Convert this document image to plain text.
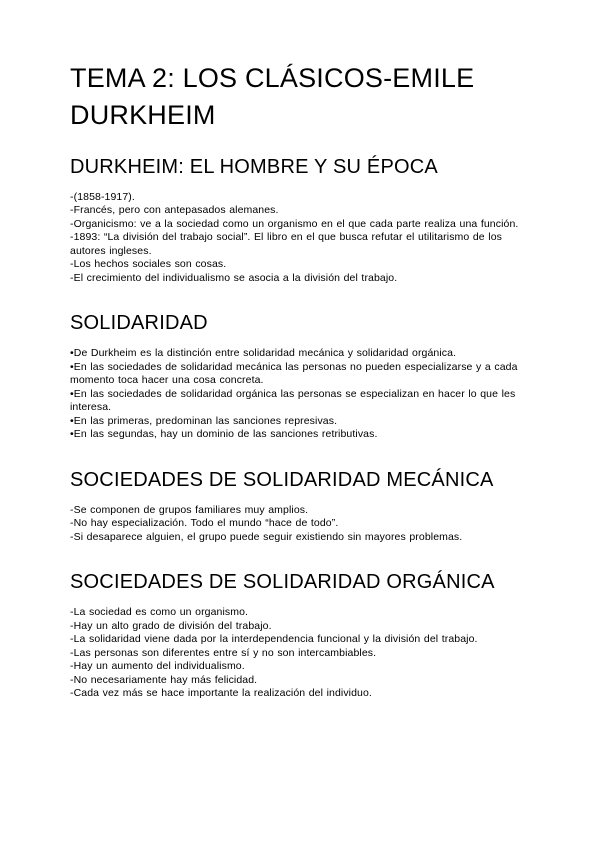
TEMA 2: LOS CLÁSICOS-EMILE DURKHEIM
DURKHEIM: EL HOMBRE Y SU ÉPOCA

-(1858-1917).

-Francés, pero con antepasados alemanes.

-Organicismo: ve a la sociedad como un organismo en el que cada parte realiza una función.

-1893: “La división del trabajo social”. El libro en el que busca refutar el utilitarismo de los autores ingleses.

-Los hechos sociales son cosas.

-El crecimiento del individualismo se asocia a la división del trabajo.

SOLIDARIDAD

•De Durkheim es la distinción entre solidaridad mecánica y solidaridad orgánica.

•En las sociedades de solidaridad mecánica las personas no pueden especializarse y a cada momento toca hacer una cosa concreta.

•En las sociedades de solidaridad orgánica las personas se especializan en hacer lo que les interesa.

•En las primeras, predominan las sanciones represivas.

•En las segundas, hay un dominio de las sanciones retributivas.

SOCIEDADES DE SOLIDARIDAD MECÁNICA

-Se componen de grupos familiares muy amplios.

-No hay especialización. Todo el mundo “hace de todo”.

-Si desaparece alguien, el grupo puede seguir existiendo sin mayores problemas.

SOCIEDADES DE SOLIDARIDAD ORGÁNICA

-La sociedad es como un organismo.

-Hay un alto grado de división del trabajo.

-La solidaridad viene dada por la interdependencia funcional y la división del trabajo.

-Las personas son diferentes entre sí y no son intercambiables.

-Hay un aumento del individualismo.

-No necesariamente hay más felicidad.

-Cada vez más se hace importante la realización del individuo.
